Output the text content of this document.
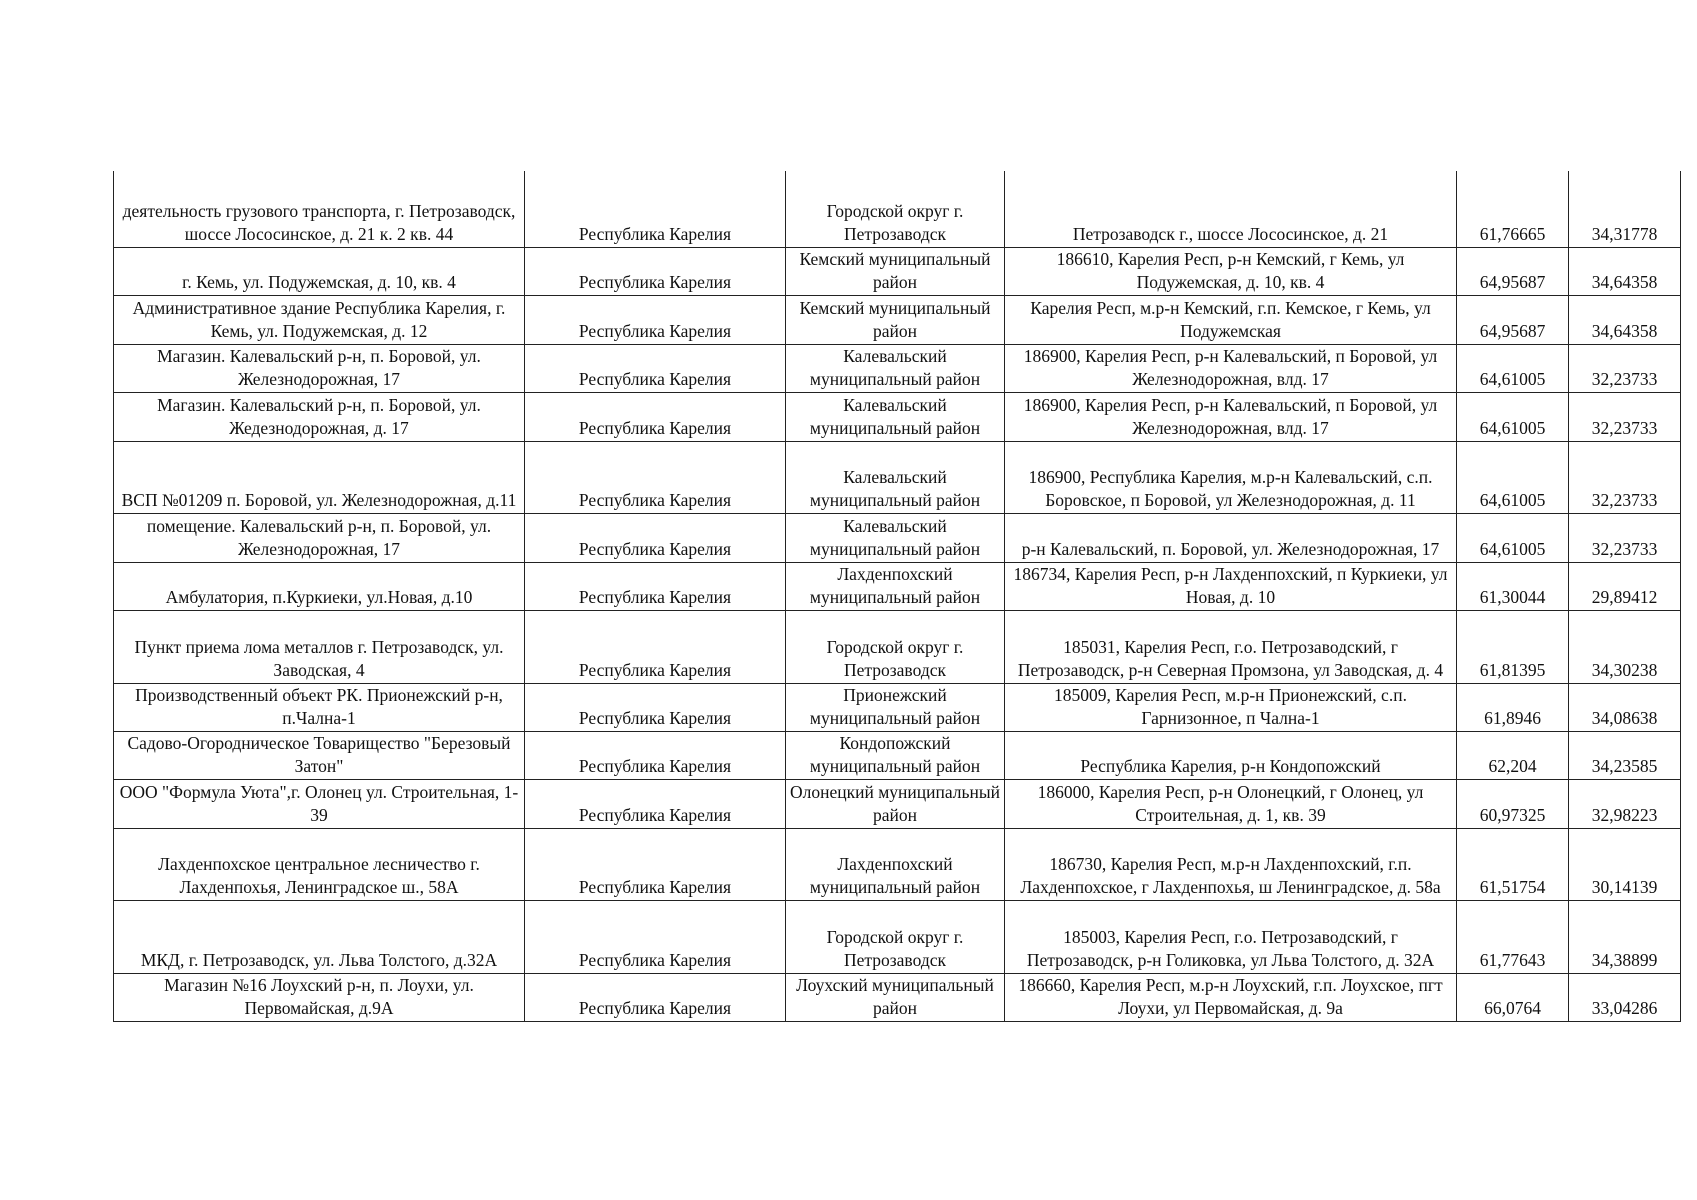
деятельность грузового транспорта, г. Петрозаводск, шоссе Лососинское, д. 21 к. 2 кв. 44	Республика Карелия	Городской округ г. Петрозаводск	Петрозаводск г., шоссе Лососинское, д. 21	61,76665	34,31778
г. Кемь, ул. Подужемская, д. 10, кв. 4	Республика Карелия	Кемский муниципальный район	186610, Карелия Респ, р-н Кемский, г Кемь, ул Подужемская, д. 10, кв. 4	64,95687	34,64358
Административное здание Республика Карелия, г. Кемь, ул. Подужемская, д. 12	Республика Карелия	Кемский муниципальный район	Карелия Респ, м.р-н Кемский, г.п. Кемское, г Кемь, ул Подужемская	64,95687	34,64358
Магазин. Калевальский р-н, п. Боровой, ул. Железнодорожная, 17	Республика Карелия	Калевальский муниципальный район	186900, Карелия Респ, р-н Калевальский, п Боровой, ул Железнодорожная, влд. 17	64,61005	32,23733
Магазин. Калевальский р-н, п. Боровой, ул. Жедезнодорожная, д. 17	Республика Карелия	Калевальский муниципальный район	186900, Карелия Респ, р-н Калевальский, п Боровой, ул Железнодорожная, влд. 17	64,61005	32,23733
ВСП №01209 п. Боровой, ул. Железнодорожная, д.11	Республика Карелия	Калевальский муниципальный район	186900, Республика Карелия, м.р-н Калевальский, с.п. Боровское, п Боровой, ул Железнодорожная, д. 11	64,61005	32,23733
помещение. Калевальский р-н, п. Боровой, ул. Железнодорожная, 17	Республика Карелия	Калевальский муниципальный район	р-н Калевальский, п. Боровой, ул. Железнодорожная, 17	64,61005	32,23733
Амбулатория, п.Куркиеки, ул.Новая, д.10	Республика Карелия	Лахденпохский муниципальный район	186734, Карелия Респ, р-н Лахденпохский, п Куркиеки, ул Новая, д. 10	61,30044	29,89412
Пункт приема лома металлов г. Петрозаводск, ул. Заводская, 4	Республика Карелия	Городской округ г. Петрозаводск	185031, Карелия Респ, г.о. Петрозаводский, г Петрозаводск, р-н Северная Промзона, ул Заводская, д. 4	61,81395	34,30238
Производственный объект РК. Прионежский р-н, п.Чална-1	Республика Карелия	Прионежский муниципальный район	185009, Карелия Респ, м.р-н Прионежский, с.п. Гарнизонное, п Чална-1	61,8946	34,08638
Садово-Огородническое Товарищество "Березовый Затон"	Республика Карелия	Кондопожский муниципальный район	Республика Карелия, р-н Кондопожский	62,204	34,23585
ООО "Формула Уюта",г. Олонец ул. Строительная, 1-39	Республика Карелия	Олонецкий муниципальный район	186000, Карелия Респ, р-н Олонецкий, г Олонец, ул Строительная, д. 1, кв. 39	60,97325	32,98223
Лахденпохское центральное лесничество г. Лахденпохья, Ленинградское ш., 58А	Республика Карелия	Лахденпохский муниципальный район	186730, Карелия Респ, м.р-н Лахденпохский, г.п. Лахденпохское, г Лахденпохья, ш Ленинградское, д. 58а	61,51754	30,14139
МКД, г. Петрозаводск, ул. Льва Толстого, д.32А	Республика Карелия	Городской округ г. Петрозаводск	185003, Карелия Респ, г.о. Петрозаводский, г Петрозаводск, р-н Голиковка, ул Льва Толстого, д. 32А	61,77643	34,38899
Магазин №16 Лоухский р-н, п. Лоухи, ул. Первомайская, д.9А	Республика Карелия	Лоухский муниципальный район	186660, Карелия Респ, м.р-н Лоухский, г.п. Лоухское, пгт Лоухи, ул Первомайская, д. 9а	66,0764	33,04286
